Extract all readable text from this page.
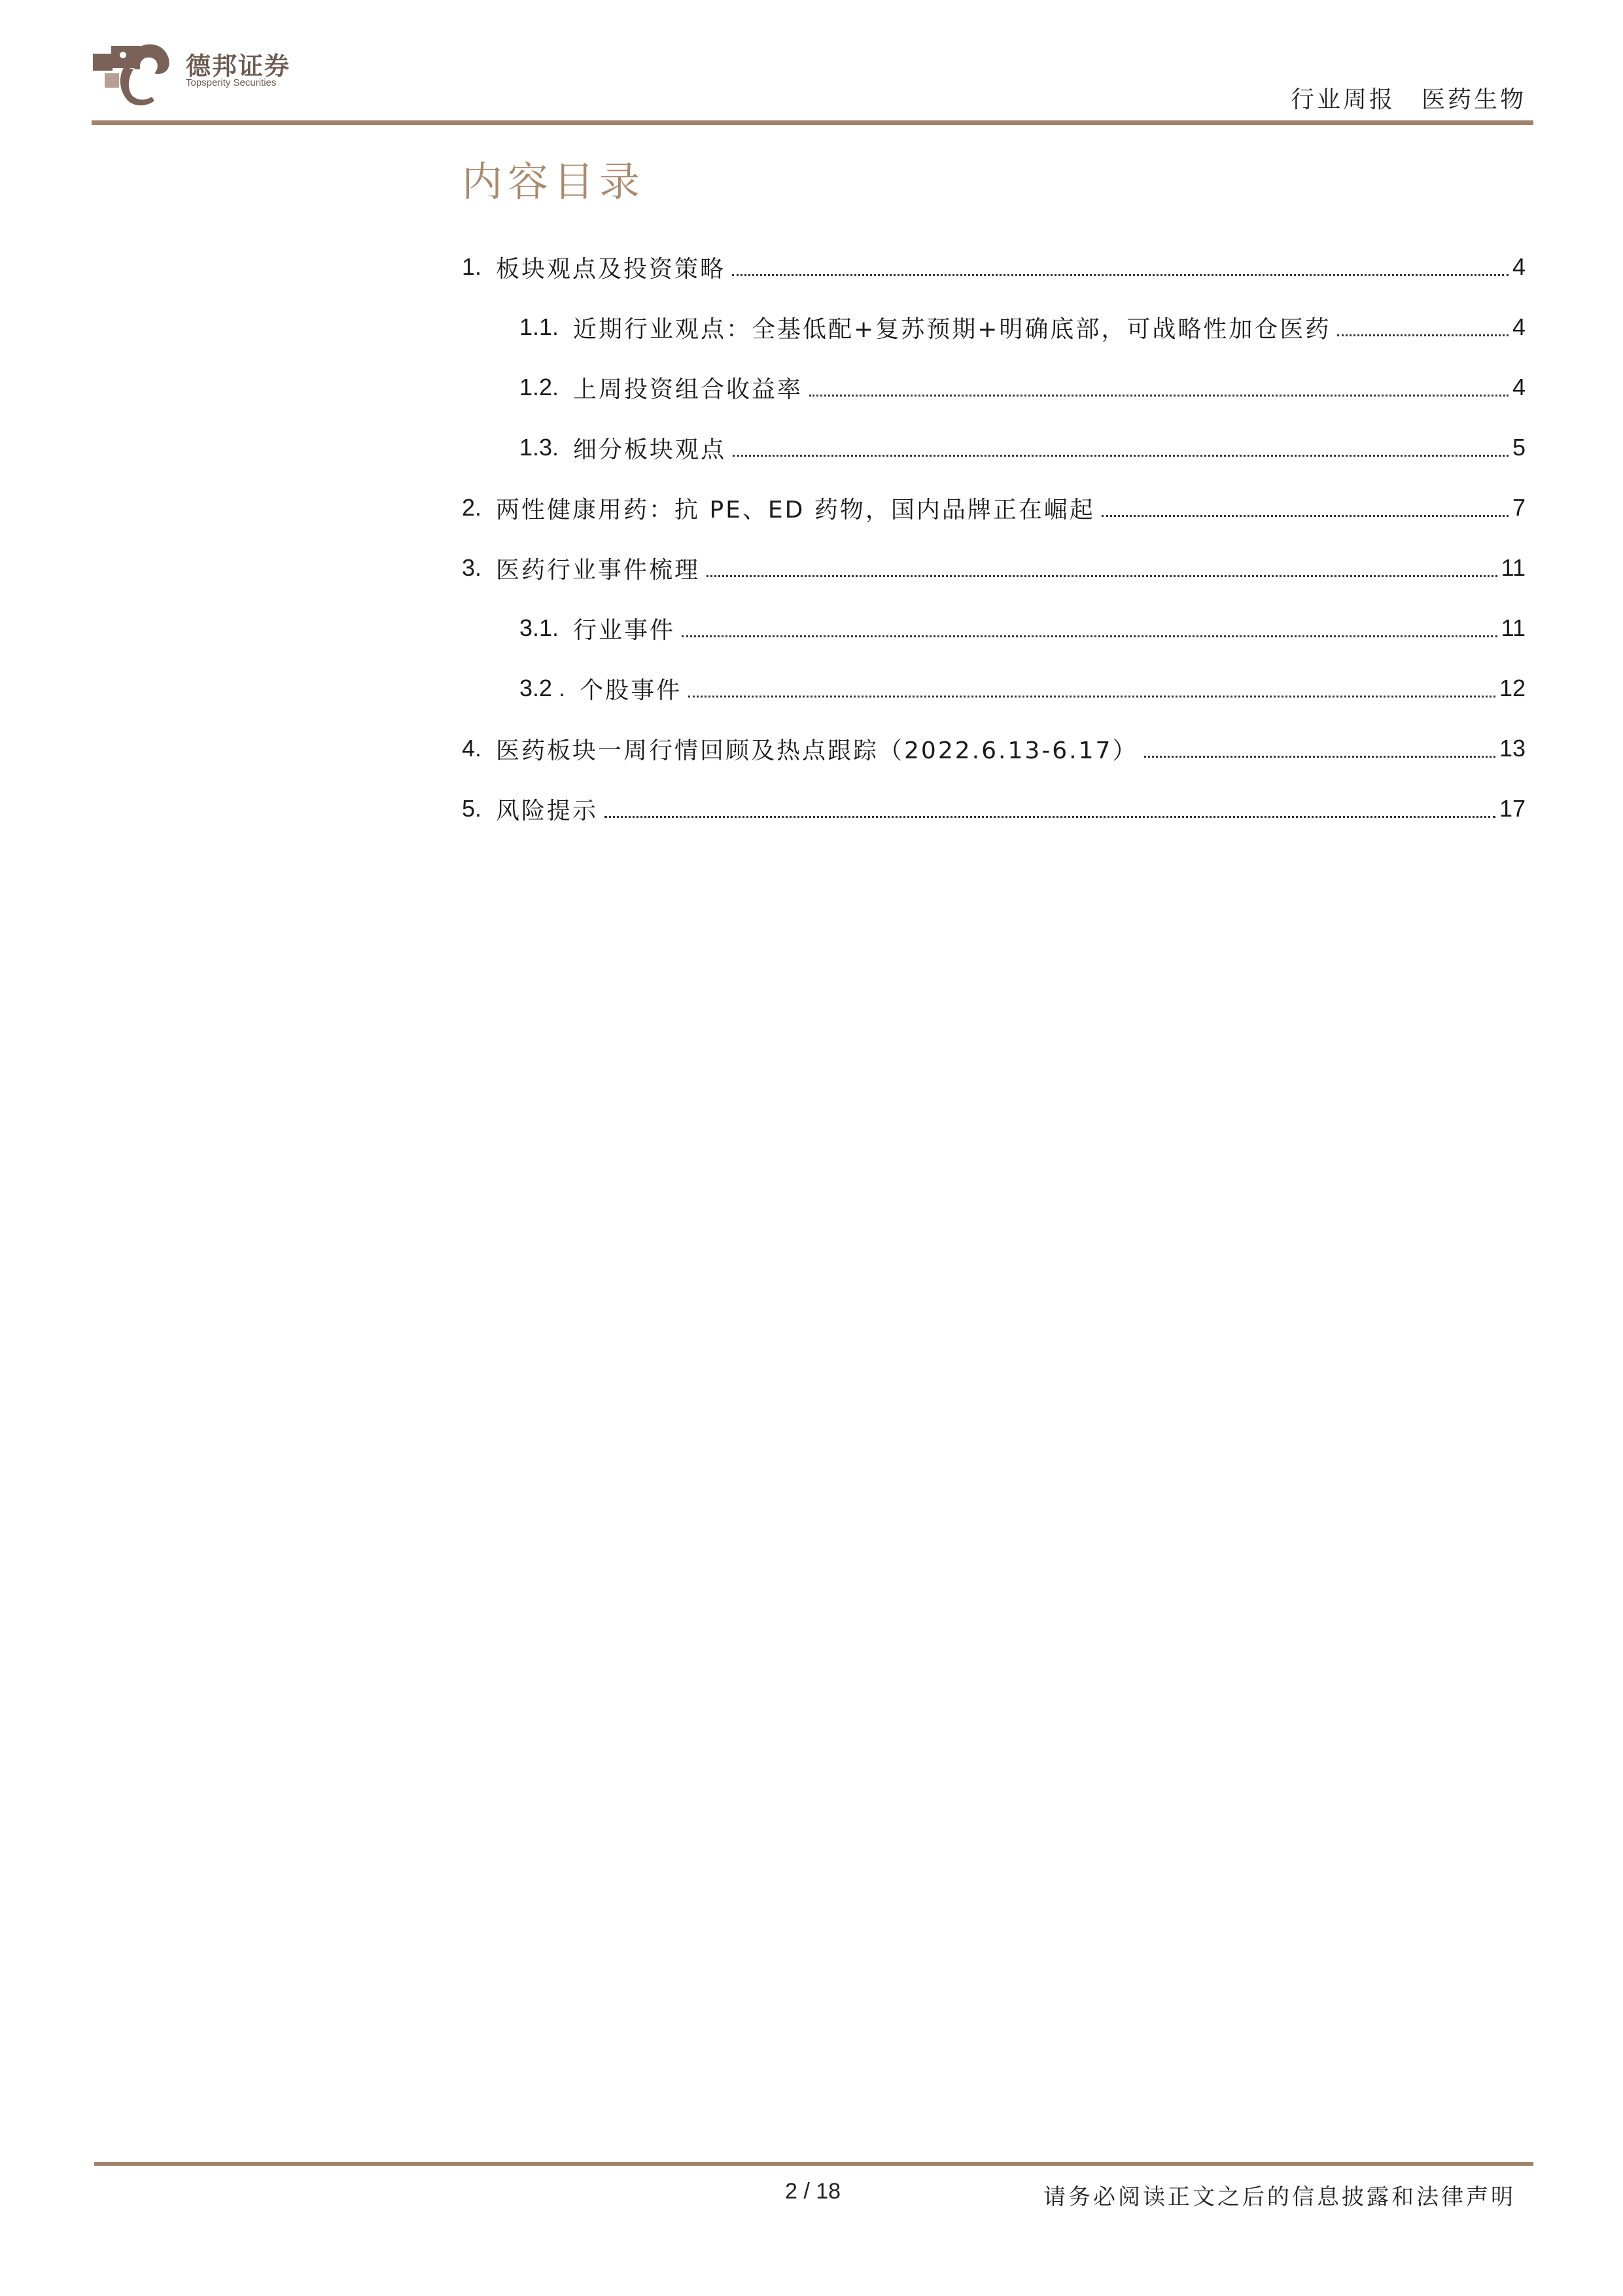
德邦证券
Topsperity Securities
行业周报 医药生物
内容目录
1. 板块观点及投资策略	4
1.1. 近期行业观点：全基低配+复苏预期+明确底部，可战略性加仓医药	4
1.2. 上周投资组合收益率	4
1.3. 细分板块观点	5
2. 两性健康用药：抗 PE、ED 药物，国内品牌正在崛起	7
3. 医药行业事件梳理	11
3.1. 行业事件	11
3.2 . 个股事件	12
4. 医药板块一周行情回顾及热点跟踪（2022.6.13-6.17）	13
5. 风险提示	17
2 / 18	请务必阅读正文之后的信息披露和法律声明
